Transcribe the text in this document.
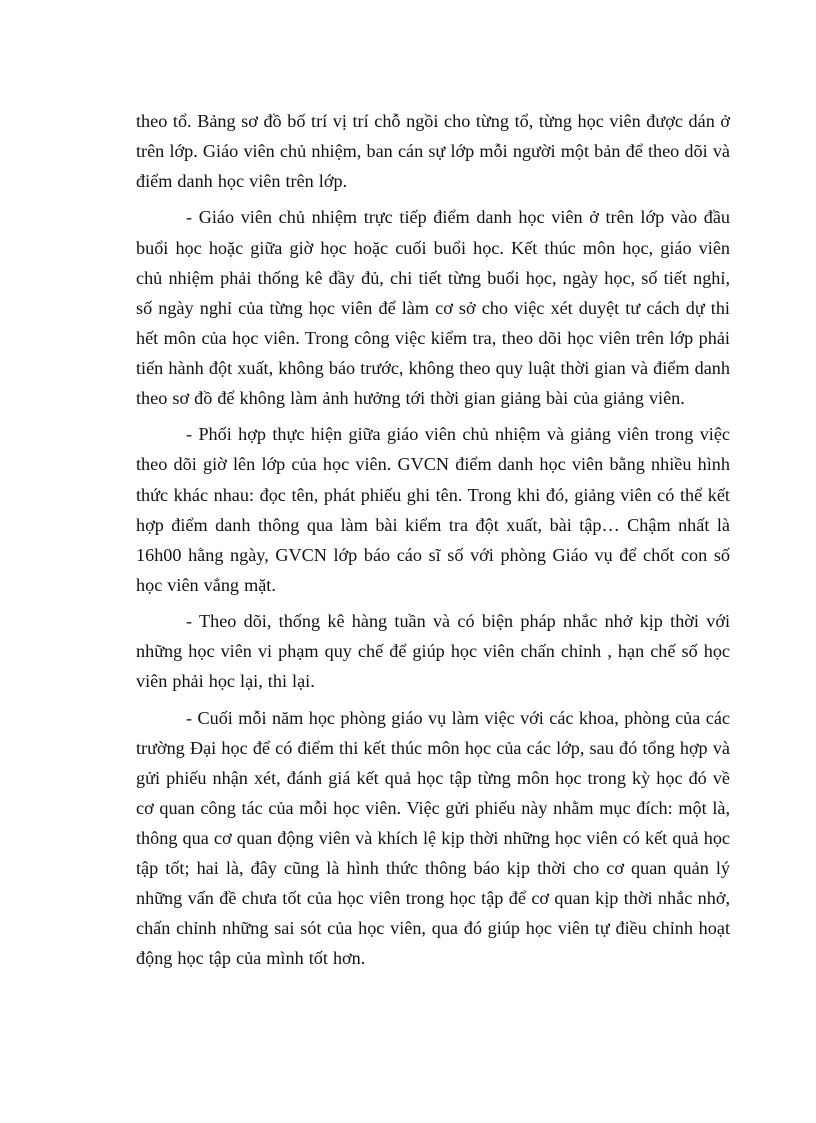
theo tổ. Bảng sơ đồ bố trí vị trí chỗ ngồi cho từng tổ, từng học viên được dán ở trên lớp. Giáo viên chủ nhiệm, ban cán sự lớp mỗi người một bản để theo dõi và điểm danh học viên trên lớp.

- Giáo viên chủ nhiệm trực tiếp điểm danh học viên ở trên lớp vào đầu buổi học hoặc giữa giờ học hoặc cuối buổi học. Kết thúc môn học, giáo viên chủ nhiệm phải thống kê đầy đủ, chi tiết từng buổi học, ngày học, số tiết nghỉ, số ngày nghỉ của từng học viên để làm cơ sở cho việc xét duyệt tư cách dự thi hết môn của học viên. Trong công việc kiểm tra, theo dõi học viên trên lớp phải tiến hành đột xuất, không báo trước, không theo quy luật thời gian và điểm danh theo sơ đồ để không làm ảnh hưởng tới thời gian giảng bài của giảng viên.

- Phối hợp thực hiện giữa giáo viên chủ nhiệm và giảng viên trong việc theo dõi giờ lên lớp của học viên. GVCN điểm danh học viên bằng nhiều hình thức khác nhau: đọc tên, phát phiếu ghi tên. Trong khi đó, giảng viên có thể kết hợp điểm danh thông qua làm bài kiểm tra đột xuất, bài tập… Chậm nhất là 16h00 hằng ngày, GVCN lớp báo cáo sĩ số với phòng Giáo vụ để chốt con số học viên vắng mặt.

- Theo dõi, thống kê hàng tuần và có biện pháp nhắc nhở kịp thời với những học viên vi phạm quy chế để giúp học viên chấn chỉnh , hạn chế số học viên phải học lại, thi lại.

- Cuối mỗi năm học phòng giáo vụ làm việc với các khoa, phòng của các trường Đại học để có điểm thi kết thúc môn học của các lớp, sau đó tổng hợp và gửi phiếu nhận xét, đánh giá kết quả học tập từng môn học trong kỳ học đó về cơ quan công tác của mỗi học viên. Việc gửi phiếu này nhằm mục đích: một là, thông qua cơ quan động viên và khích lệ kịp thời những học viên có kết quả học tập tốt; hai là, đây cũng là hình thức thông báo kịp thời cho cơ quan quản lý những vấn đề chưa tốt của học viên trong học tập để cơ quan kịp thời nhắc nhở, chấn chỉnh những sai sót của học viên, qua đó giúp học viên tự điều chỉnh hoạt động học tập của mình tốt hơn.
